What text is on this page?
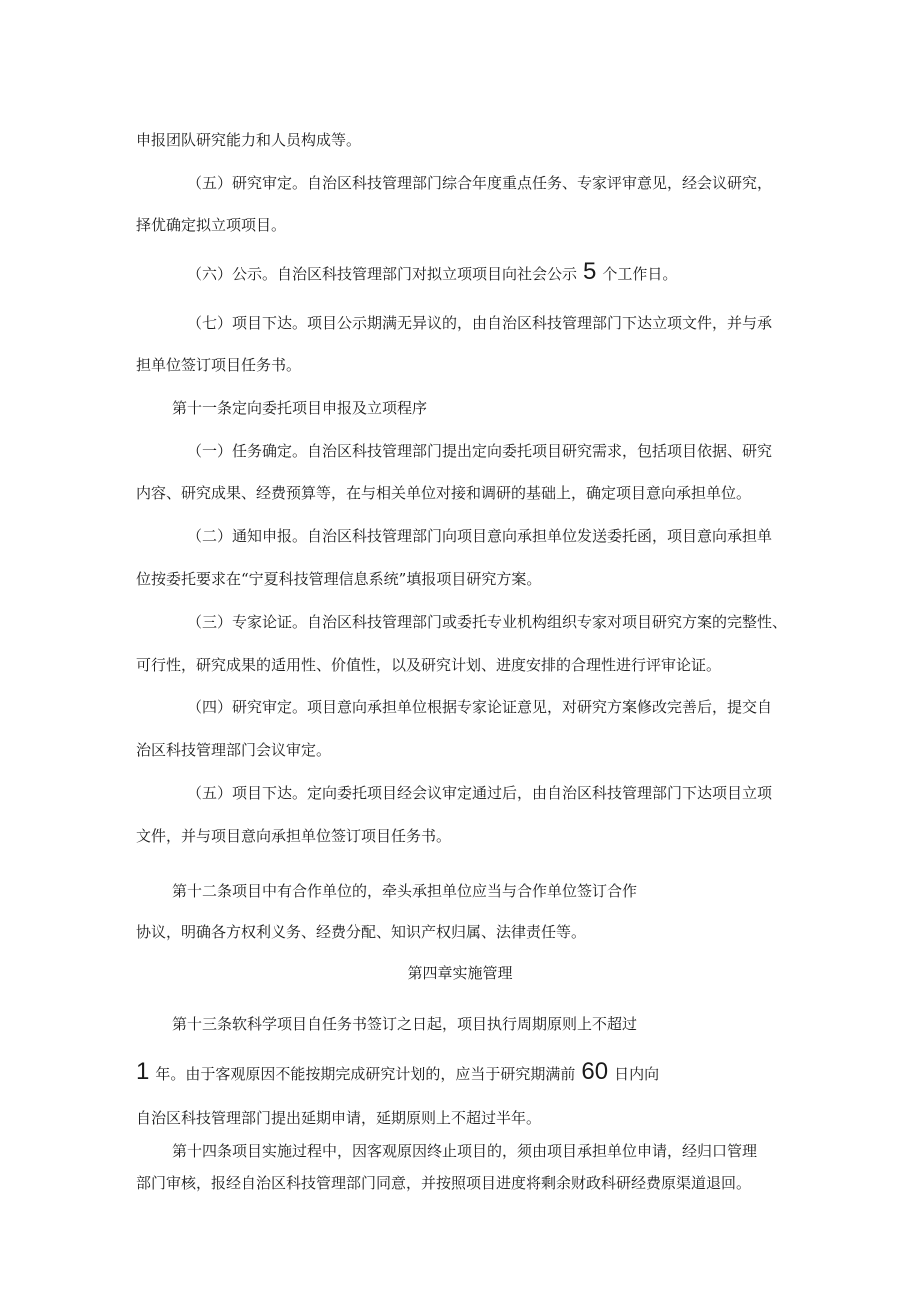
申报团队研究能力和人员构成等。

（五）研究审定。自治区科技管理部门综合年度重点任务、专家评审意见，经会议研究，

择优确定拟立项项目。

（六）公示。自治区科技管理部门对拟立项项目向社会公示 5 个工作日。

（七）项目下达。项目公示期满无异议的，由自治区科技管理部门下达立项文件，并与承

担单位签订项目任务书。

第十一条定向委托项目申报及立项程序

（一）任务确定。自治区科技管理部门提出定向委托项目研究需求，包括项目依据、研究

内容、研究成果、经费预算等，在与相关单位对接和调研的基础上，确定项目意向承担单位。

（二）通知申报。自治区科技管理部门向项目意向承担单位发送委托函，项目意向承担单

位按委托要求在“宁夏科技管理信息系统”填报项目研究方案。

（三）专家论证。自治区科技管理部门或委托专业机构组织专家对项目研究方案的完整性、

可行性，研究成果的适用性、价值性，以及研究计划、进度安排的合理性进行评审论证。

（四）研究审定。项目意向承担单位根据专家论证意见，对研究方案修改完善后，提交自

治区科技管理部门会议审定。

（五）项目下达。定向委托项目经会议审定通过后，由自治区科技管理部门下达项目立项

文件，并与项目意向承担单位签订项目任务书。

第十二条项目中有合作单位的，牵头承担单位应当与合作单位签订合作

协议，明确各方权利义务、经费分配、知识产权归属、法律责任等。

第四章实施管理

第十三条软科学项目自任务书签订之日起，项目执行周期原则上不超过

1 年。由于客观原因不能按期完成研究计划的，应当于研究期满前 60 日内向

自治区科技管理部门提出延期申请，延期原则上不超过半年。

第十四条项目实施过程中，因客观原因终止项目的，须由项目承担单位申请，经归口管理

部门审核，报经自治区科技管理部门同意，并按照项目进度将剩余财政科研经费原渠道退回。
